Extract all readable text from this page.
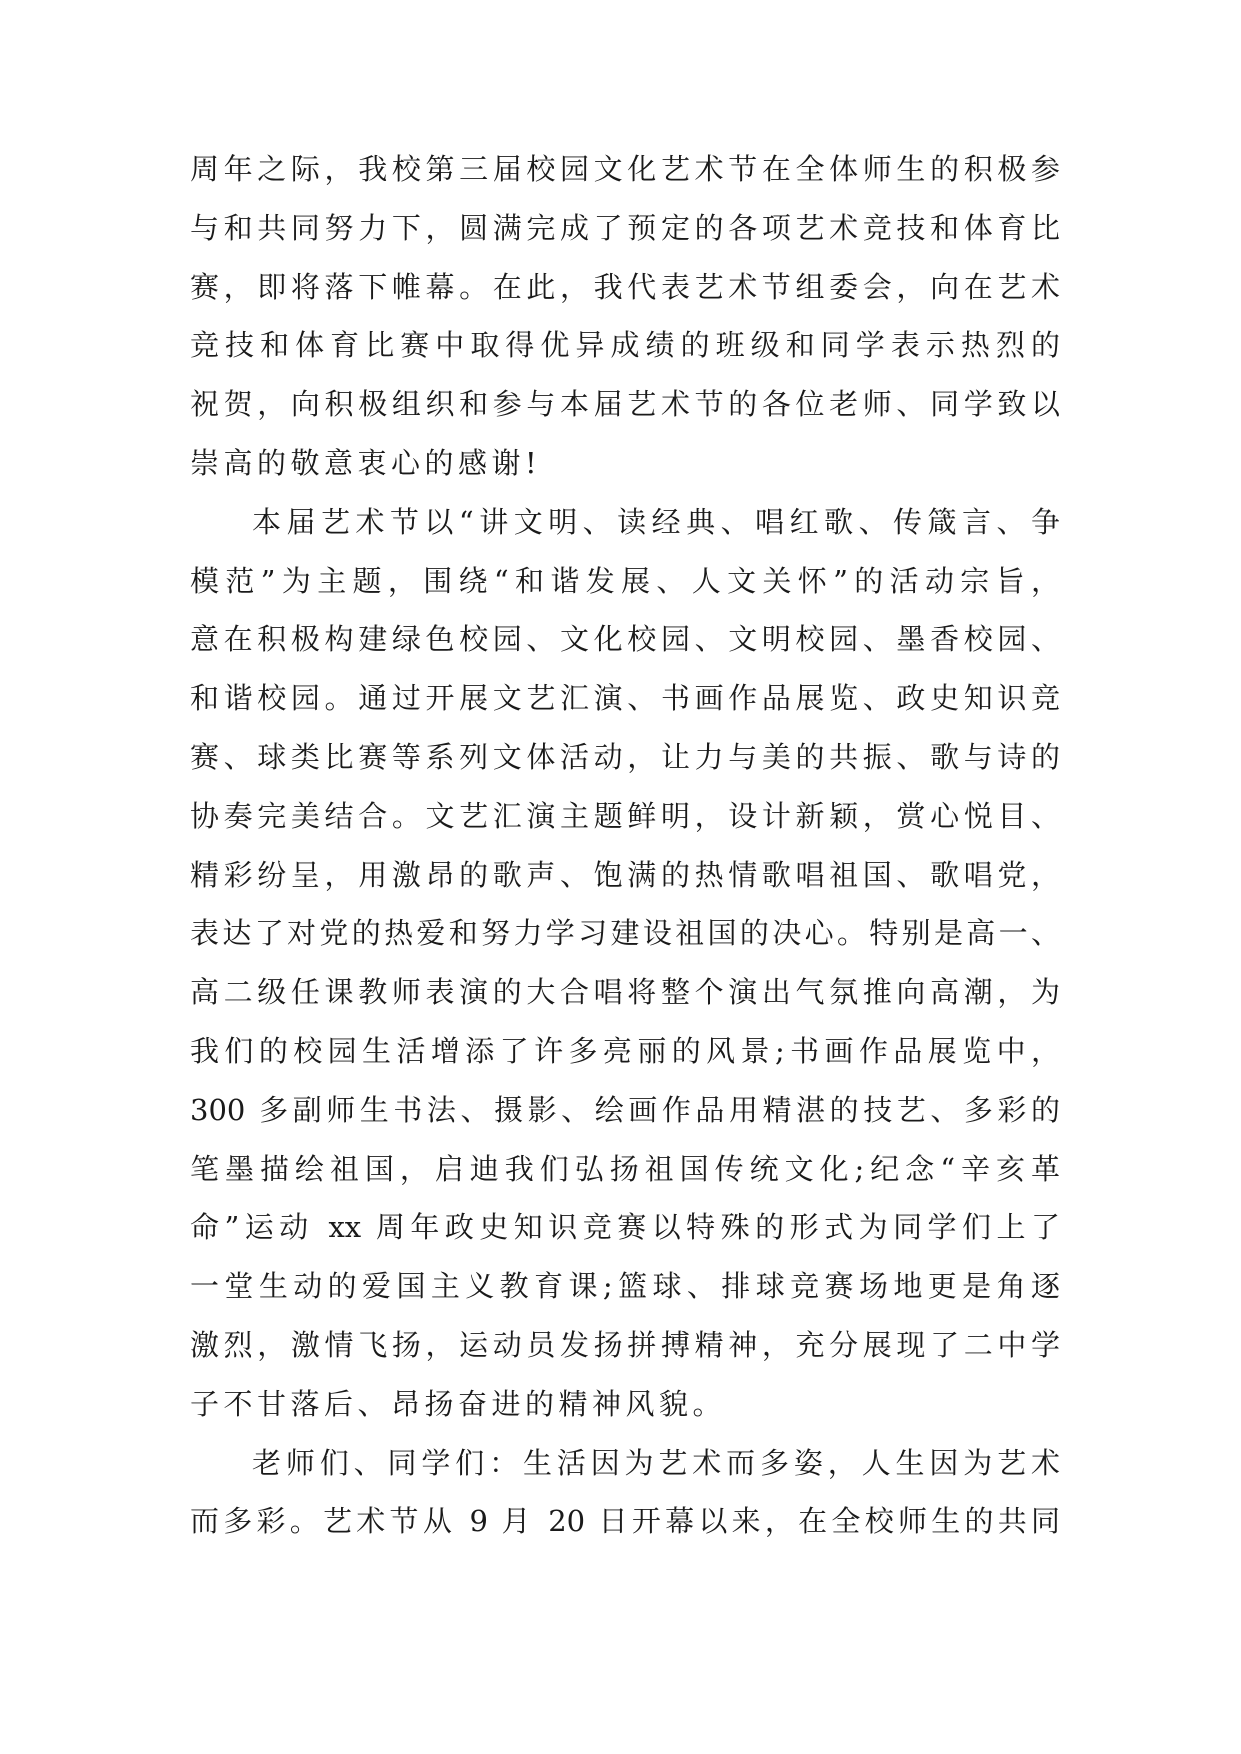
周年之际，我校第三届校园文化艺术节在全体师生的积极参
与和共同努力下，圆满完成了预定的各项艺术竞技和体育比
赛，即将落下帷幕。在此，我代表艺术节组委会，向在艺术
竞技和体育比赛中取得优异成绩的班级和同学表示热烈的
祝贺，向积极组织和参与本届艺术节的各位老师、同学致以
崇高的敬意衷心的感谢!
本届艺术节以“讲文明、读经典、唱红歌、传箴言、争
模范”为主题，围绕“和谐发展、人文关怀”的活动宗旨，
意在积极构建绿色校园、文化校园、文明校园、墨香校园、
和谐校园。通过开展文艺汇演、书画作品展览、政史知识竞
赛、球类比赛等系列文体活动，让力与美的共振、歌与诗的
协奏完美结合。文艺汇演主题鲜明，设计新颖，赏心悦目、
精彩纷呈，用激昂的歌声、饱满的热情歌唱祖国、歌唱党，
表达了对党的热爱和努力学习建设祖国的决心。特别是高一、
高二级任课教师表演的大合唱将整个演出气氛推向高潮，为
我们的校园生活增添了许多亮丽的风景;书画作品展览中，
300 多副师生书法、摄影、绘画作品用精湛的技艺、多彩的
笔墨描绘祖国，启迪我们弘扬祖国传统文化;纪念“辛亥革
命”运动 xx 周年政史知识竞赛以特殊的形式为同学们上了
一堂生动的爱国主义教育课;篮球、排球竞赛场地更是角逐
激烈，激情飞扬，运动员发扬拼搏精神，充分展现了二中学
子不甘落后、昂扬奋进的精神风貌。
老师们、同学们：生活因为艺术而多姿，人生因为艺术
而多彩。艺术节从 9 月 20 日开幕以来，在全校师生的共同
